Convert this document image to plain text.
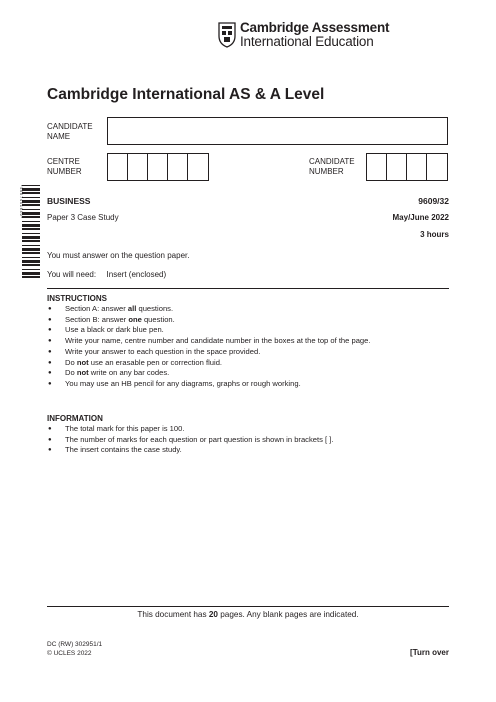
Cambridge Assessment
International Education
Cambridge International AS & A Level
CANDIDATE
NAME
CENTRE
NUMBER
CANDIDATE
NUMBER
* 5 6 0 7 4 4 1 6 4 0 *	BUSINESS	9609/32
Paper 3 Case Study	May/June 2022
3 hours
You must answer on the question paper.
You will need: Insert (enclosed)
INSTRUCTIONS
● Section A: answer all questions.
● Section B: answer one question.
● Use a black or dark blue pen.
● Write your name, centre number and candidate number in the boxes at the top of the page.
● Write your answer to each question in the space provided.
● Do not use an erasable pen or correction fluid.
● Do not write on any bar codes.
● You may use an HB pencil for any diagrams, graphs or rough working.
INFORMATION
● The total mark for this paper is 100.
● The number of marks for each question or part question is shown in brackets [ ].
● The insert contains the case study.
This document has 20 pages. Any blank pages are indicated.
DC (RW) 302951/1
© UCLES 2022	[Turn over
